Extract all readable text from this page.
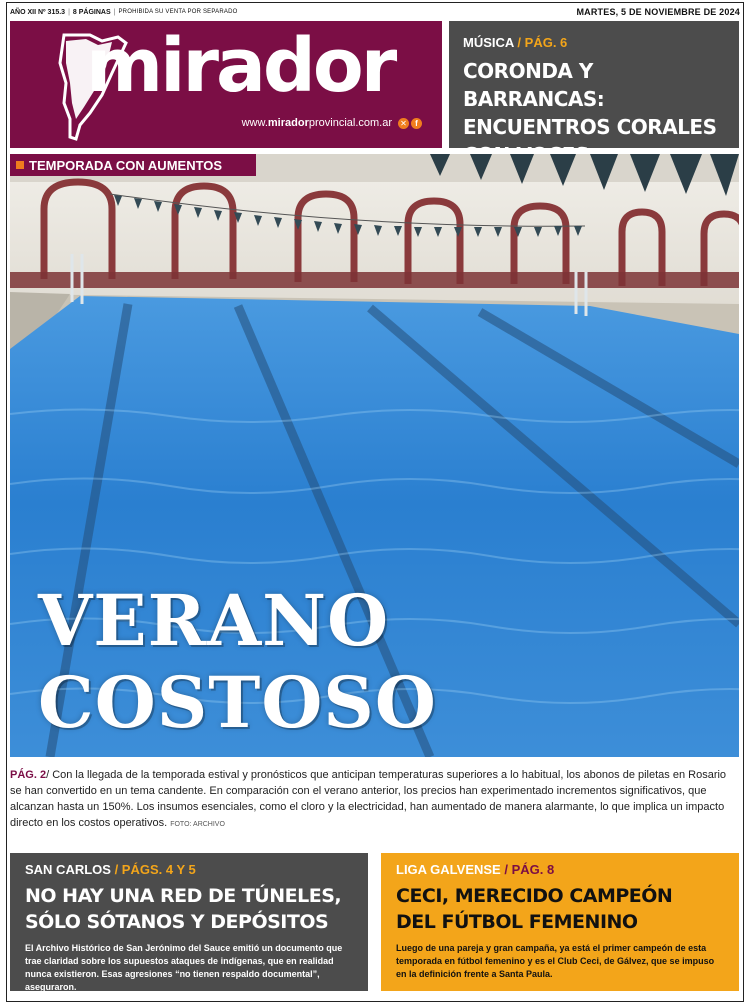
AÑO XII Nº 315.3 | 8 PÁGINAS | PROHIBIDA SU VENTA POR SEPARADO	MARTES, 5 DE NOVIEMBRE DE 2024
mirador
www.miradorprovincial.com.ar ✕	f
MÚSICA / PÁG. 6
CORONDA Y BARRANCAS:
ENCUENTROS CORALES
TEMPORADA CON AUMENTOS
VERANO
COSTOSO
PÁG. 2/ Con la llegada de la temporada estival y pronósticos que anticipan temperaturas superiores a lo habitual, los abonos de piletas en Rosario se han convertido en un tema candente. En comparación con el verano anterior, los precios han experimentado incrementos significativos, que alcanzan hasta un 150%. Los insumos esenciales, como el cloro y la electricidad, han aumentado de manera alarmante, lo que implica un impacto directo en los costos operativos. FOTO: ARCHIVO
SAN CARLOS / PÁGS. 4 Y 5
NO HAY UNA RED DE TÚNELES,
SÓLO SÓTANOS Y DEPÓSITOS
El Archivo Histórico de San Jerónimo del Sauce emitió un documento que trae claridad sobre los supuestos ataques de indígenas, que en realidad nunca existieron. Esas agresiones “no tienen respaldo documental”, aseguraron.
LIGA GALVENSE / PÁG. 8
CECI, MERECIDO CAMPEÓN
DEL FÚTBOL FEMENINO
Luego de una pareja y gran campaña, ya está el primer campeón de esta temporada en fútbol femenino y es el Club Ceci, de Gálvez, que se impuso en la definición frente a Santa Paula.
